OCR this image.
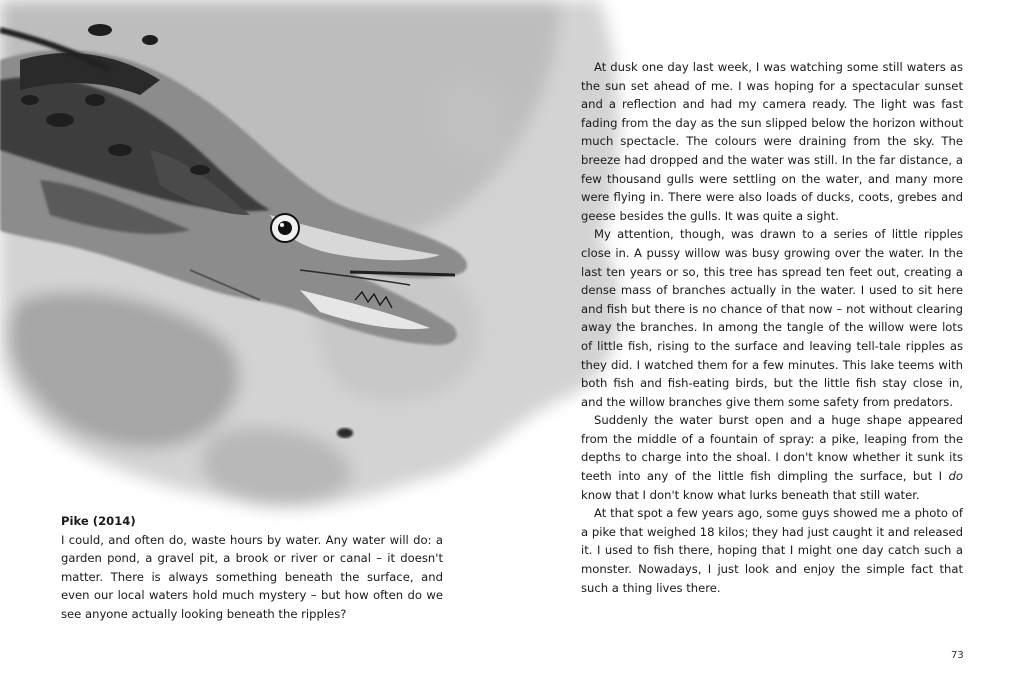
Pike (2014)

I could, and often do, waste hours by water. Any water will do: a garden pond, a gravel pit, a brook or river or canal – it doesn't matter. There is always something beneath the surface, and even our local waters hold much mystery – but how often do we see anyone actually looking beneath the ripples?

At dusk one day last week, I was watching some still waters as the sun set ahead of me. I was hoping for a spectacular sunset and a reflection and had my camera ready. The light was fast fading from the day as the sun slipped below the horizon without much spectacle. The colours were draining from the sky. The breeze had dropped and the water was still. In the far distance, a few thousand gulls were settling on the water, and many more were flying in. There were also loads of ducks, coots, grebes and geese besides the gulls. It was quite a sight.

My attention, though, was drawn to a series of little ripples close in. A pussy willow was busy growing over the water. In the last ten years or so, this tree has spread ten feet out, creating a dense mass of branches actually in the water. I used to sit here and fish but there is no chance of that now – not without clearing away the branches. In among the tangle of the willow were lots of little fish, rising to the surface and leaving tell-tale ripples as they did. I watched them for a few minutes. This lake teems with both fish and fish-eating birds, but the little fish stay close in, and the willow branches give them some safety from predators.

Suddenly the water burst open and a huge shape appeared from the middle of a fountain of spray: a pike, leaping from the depths to charge into the shoal. I don't know whether it sunk its teeth into any of the little fish dimpling the surface, but I do know that I don't know what lurks beneath that still water.

At that spot a few years ago, some guys showed me a photo of a pike that weighed 18 kilos; they had just caught it and released it. I used to fish there, hoping that I might one day catch such a monster. Nowadays, I just look and enjoy the simple fact that such a thing lives there.

73
